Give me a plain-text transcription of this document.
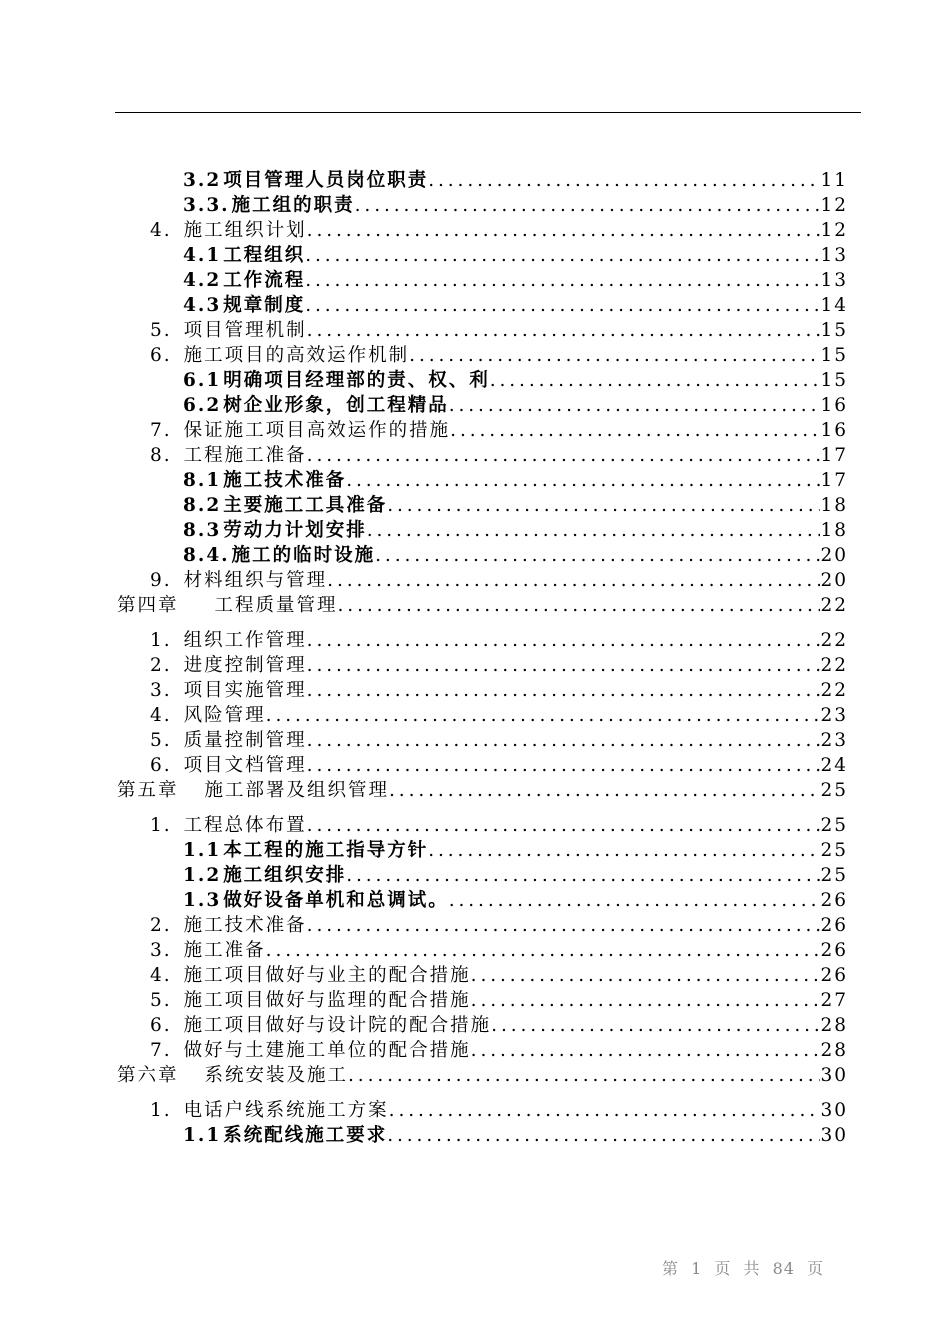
3.2 项目管理人员岗位职责 .....	11
3.3. 施工组的职责 .....	12
4. 施工组织计划 .....	12
4.1 工程组织 .....	13
4.2 工作流程 .....	13
4.3 规章制度 .....	14
5. 项目管理机制 .....	15
6. 施工项目的高效运作机制 .....	15
6.1 明确项目经理部的责、权、利 .....	15
6.2 树企业形象，创工程精品 .....	16
7. 保证施工项目高效运作的措施 .....	16
8. 工程施工准备 .....	17
8.1 施工技术准备 .....	17
8.2 主要施工工具准备 .....	18
8.3 劳动力计划安排 .....	18
8.4. 施工的临时设施 .....	20
9. 材料组织与管理 .....	20
第四章 工程质量管理 .....	22
1. 组织工作管理 .....	22
2. 进度控制管理 .....	22
3. 项目实施管理 .....	22
4. 风险管理 .....	23
5. 质量控制管理 .....	23
6. 项目文档管理 .....	24
第五章 施工部署及组织管理 .....	25
1. 工程总体布置 .....	25
1.1 本工程的施工指导方针 .....	25
1.2 施工组织安排 .....	25
1.3 做好设备单机和总调试。 .....	26
2. 施工技术准备 .....	26
3. 施工准备 .....	26
4. 施工项目做好与业主的配合措施 .....	26
5. 施工项目做好与监理的配合措施 .....	27
6. 施工项目做好与设计院的配合措施 .....	28
7. 做好与土建施工单位的配合措施 .....	28
第六章 系统安装及施工 .....	30
1. 电话户线系统施工方案 .....	30
1.1 系统配线施工要求 .....	30
第 1 页 共 84 页
